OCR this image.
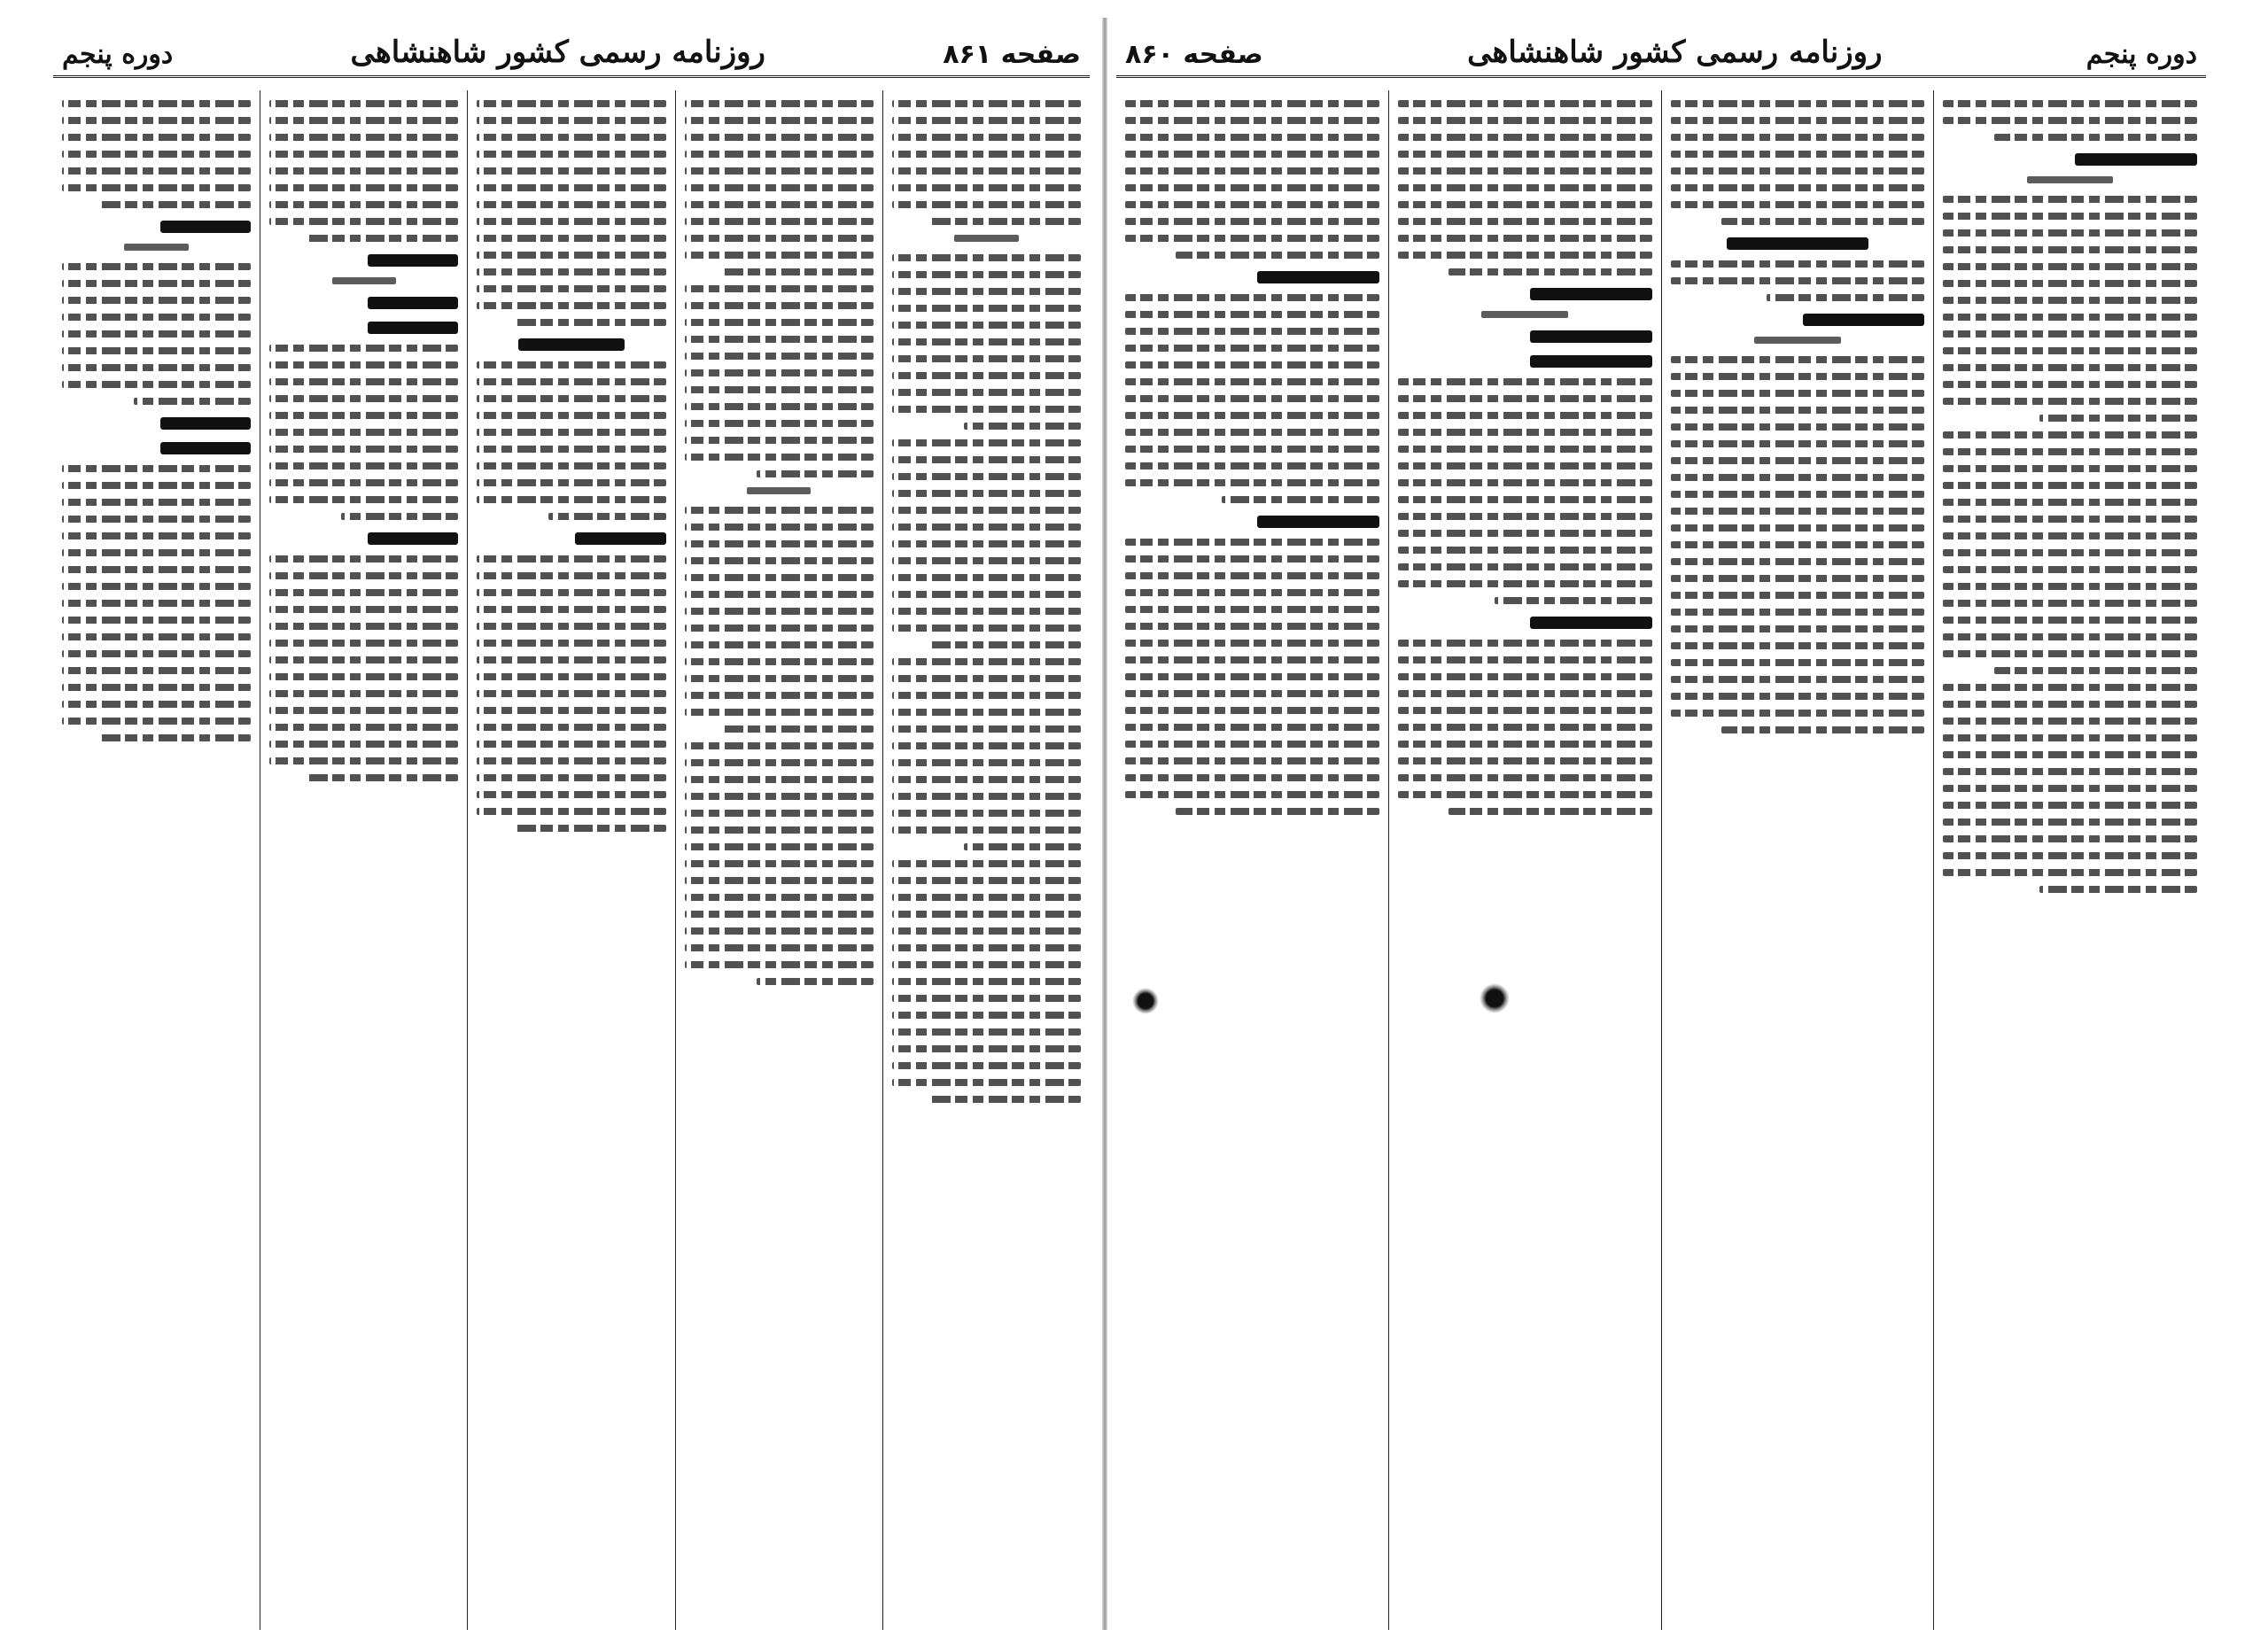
صفحه ۸۶۱
روزنامه رسمی کشور شاهنشاهی
دوره پنجم	دوره پنجم
روزنامه رسمی کشور شاهنشاهی
صفحه ۸۶۰
